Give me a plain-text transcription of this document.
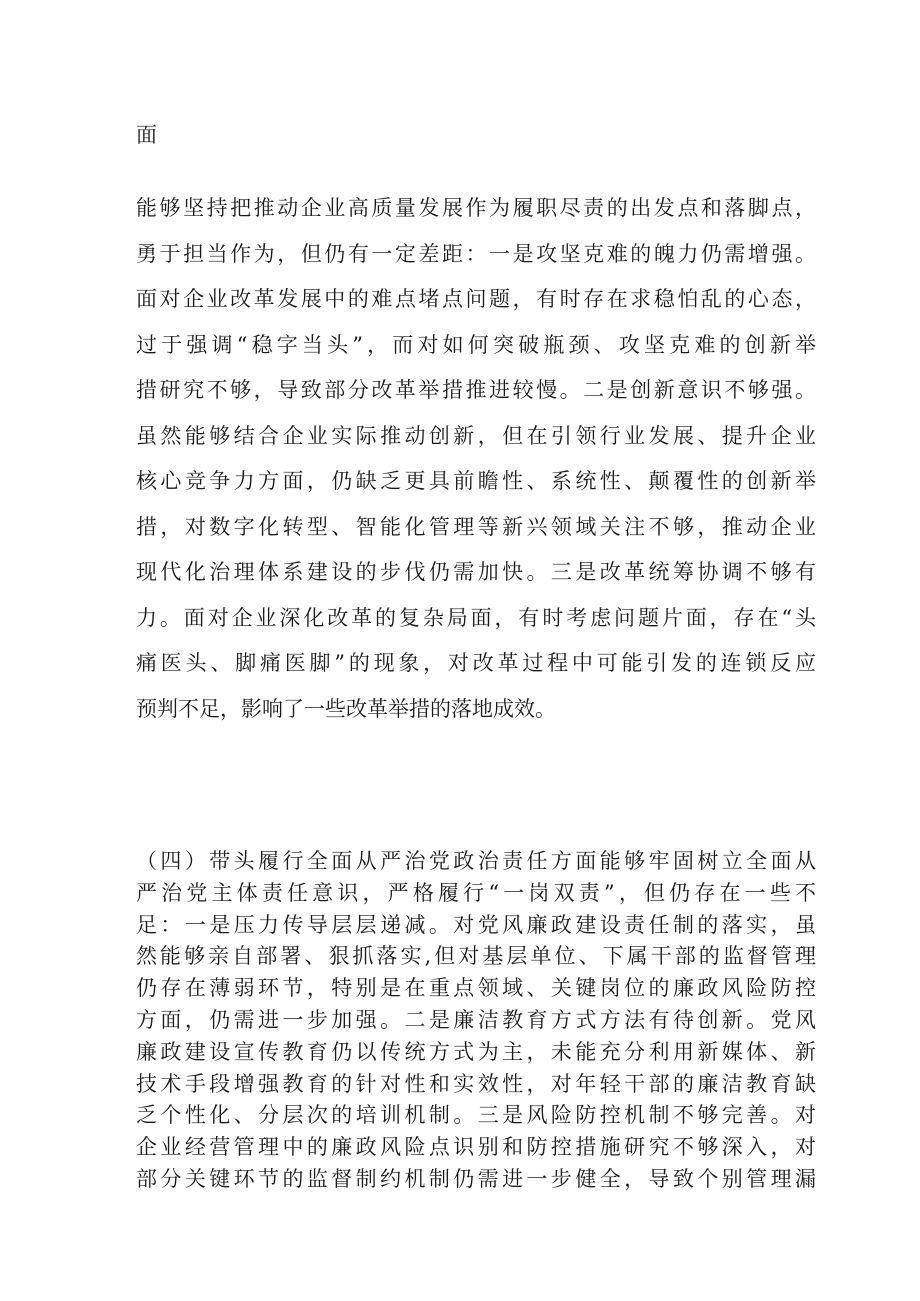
面

能够坚持把推动企业高质量发展作为履职尽责的出发点和落脚点，
勇于担当作为，但仍有一定差距：一是攻坚克难的魄力仍需增强。
面对企业改革发展中的难点堵点问题，有时存在求稳怕乱的心态，
过于强调“稳字当头”，而对如何突破瓶颈、攻坚克难的创新举
措研究不够，导致部分改革举措推进较慢。二是创新意识不够强。
虽然能够结合企业实际推动创新，但在引领行业发展、提升企业
核心竞争力方面，仍缺乏更具前瞻性、系统性、颠覆性的创新举
措，对数字化转型、智能化管理等新兴领域关注不够，推动企业
现代化治理体系建设的步伐仍需加快。三是改革统筹协调不够有
力。面对企业深化改革的复杂局面，有时考虑问题片面，存在“头
痛医头、脚痛医脚”的现象，对改革过程中可能引发的连锁反应
预判不足，影响了一些改革举措的落地成效。
（四）带头履行全面从严治党政治责任方面能够牢固树立全面从
严治党主体责任意识，严格履行“一岗双责”，但仍存在一些不
足：一是压力传导层层递减。对党风廉政建设责任制的落实，虽
然能够亲自部署、狠抓落实,但对基层单位、下属干部的监督管理
仍存在薄弱环节，特别是在重点领域、关键岗位的廉政风险防控
方面，仍需进一步加强。二是廉洁教育方式方法有待创新。党风
廉政建设宣传教育仍以传统方式为主，未能充分利用新媒体、新
技术手段增强教育的针对性和实效性，对年轻干部的廉洁教育缺
乏个性化、分层次的培训机制。三是风险防控机制不够完善。对
企业经营管理中的廉政风险点识别和防控措施研究不够深入，对
部分关键环节的监督制约机制仍需进一步健全，导致个别管理漏
